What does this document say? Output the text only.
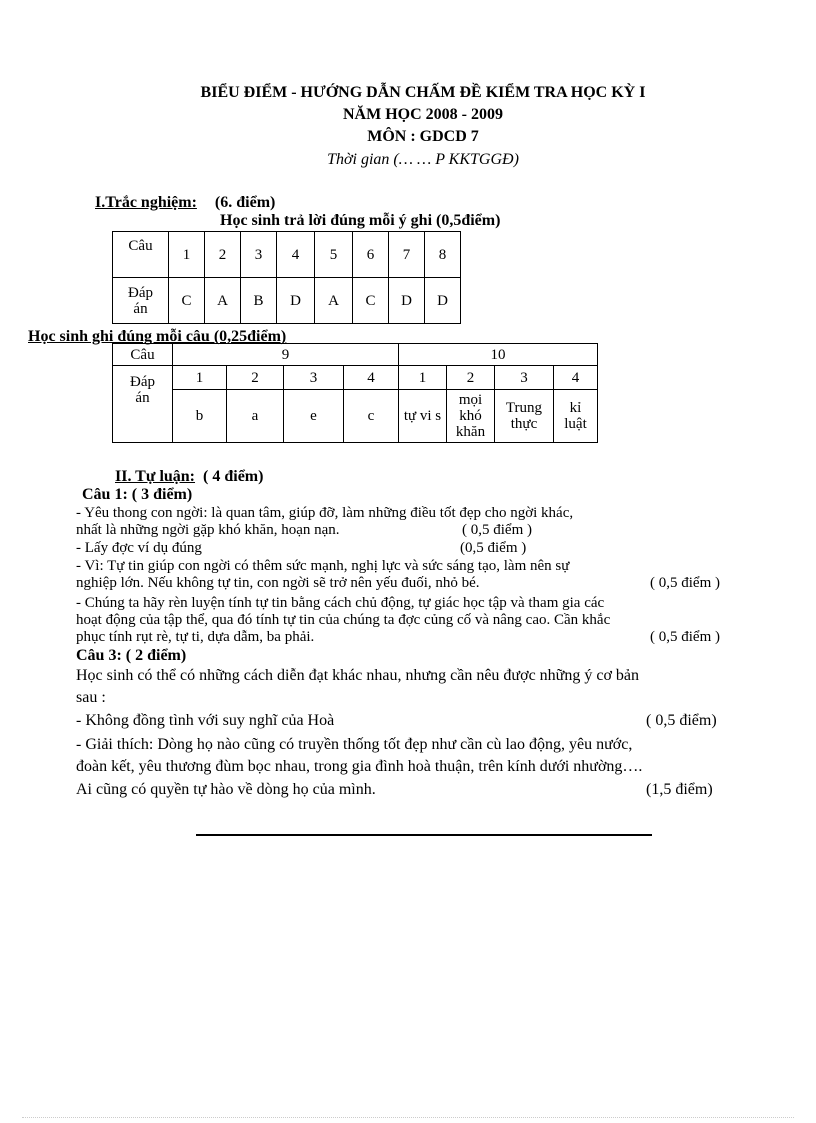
BIỂU ĐIỂM - HƯỚNG DẪN CHẤM ĐỀ KIỂM TRA HỌC KỲ I
NĂM HỌC 2008 - 2009
MÔN : GDCD 7
Thời gian (… … P KKTGGĐ)
I.Trắc nghiệm: (6. điểm)
Học sinh trả lời đúng mỗi ý ghi (0,5điểm)
Câu	1	2	3	4	5	6	7	8
Đáp án	C	A	B	D	A	C	D	D
Học sinh ghi đúng mỗi câu (0,25điểm)
Câu	9				10			
Đáp án	1	2	3	4	1	2	3	4
	b	a	e	c	tự vi s	mọi khó khăn	Trung thực	kỉ luật
II. Tự luận: ( 4 điểm)
Câu 1: ( 3 điểm)
- Yêu thong con ngời: là quan tâm, giúp đỡ, làm những điều tốt đẹp cho ngời khác,
nhất là những ngời gặp khó khăn, hoạn nạn.	( 0,5 điểm )
- Lấy đợc ví dụ đúng	(0,5 điểm )
- Vì: Tự tin giúp con ngời có thêm sức mạnh, nghị lực và sức sáng tạo, làm nên sự
nghiệp lớn. Nếu không tự tin, con ngời sẽ trở nên yếu đuối, nhỏ bé.	( 0,5 điểm )
- Chúng ta hãy rèn luyện tính tự tin bằng cách chủ động, tự giác học tập và tham gia các
hoạt động của tập thể, qua đó tính tự tin của chúng ta đợc củng cố và nâng cao. Cần khắc
phục tính rụt rè, tự ti, dựa dẫm, ba phải.	( 0,5 điểm )
Câu 3: ( 2 điểm)
Học sinh có thể có những cách diễn đạt khác nhau, nhưng cần nêu được những ý cơ bản
sau :
- Không đồng tình với suy nghĩ của Hoà	( 0,5 điểm)
- Giải thích: Dòng họ nào cũng có truyền thống tốt đẹp như cần cù lao động, yêu nước,
đoàn kết, yêu thương đùm bọc nhau, trong gia đình hoà thuận, trên kính dưới nhường….
Ai cũng có quyền tự hào về dòng họ của mình.	(1,5 điểm)
